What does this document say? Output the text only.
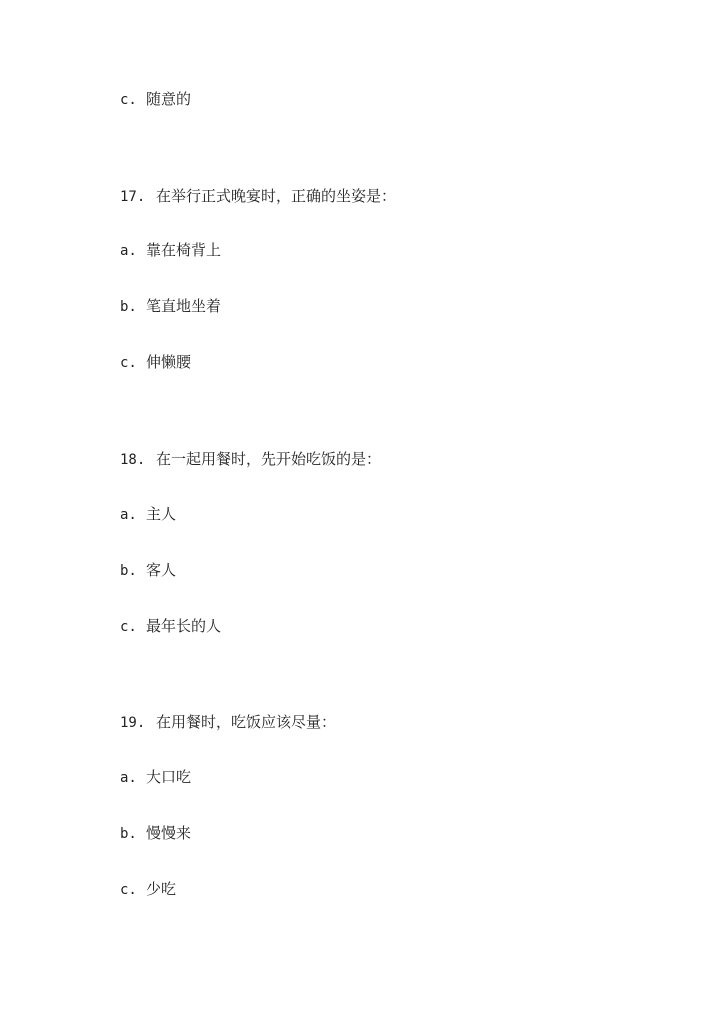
c. 随意的
17. 在举行正式晚宴时，正确的坐姿是：
a. 靠在椅背上
b. 笔直地坐着
c. 伸懒腰
18. 在一起用餐时，先开始吃饭的是：
a. 主人
b. 客人
c. 最年长的人
19. 在用餐时，吃饭应该尽量：
a. 大口吃
b. 慢慢来
c. 少吃
